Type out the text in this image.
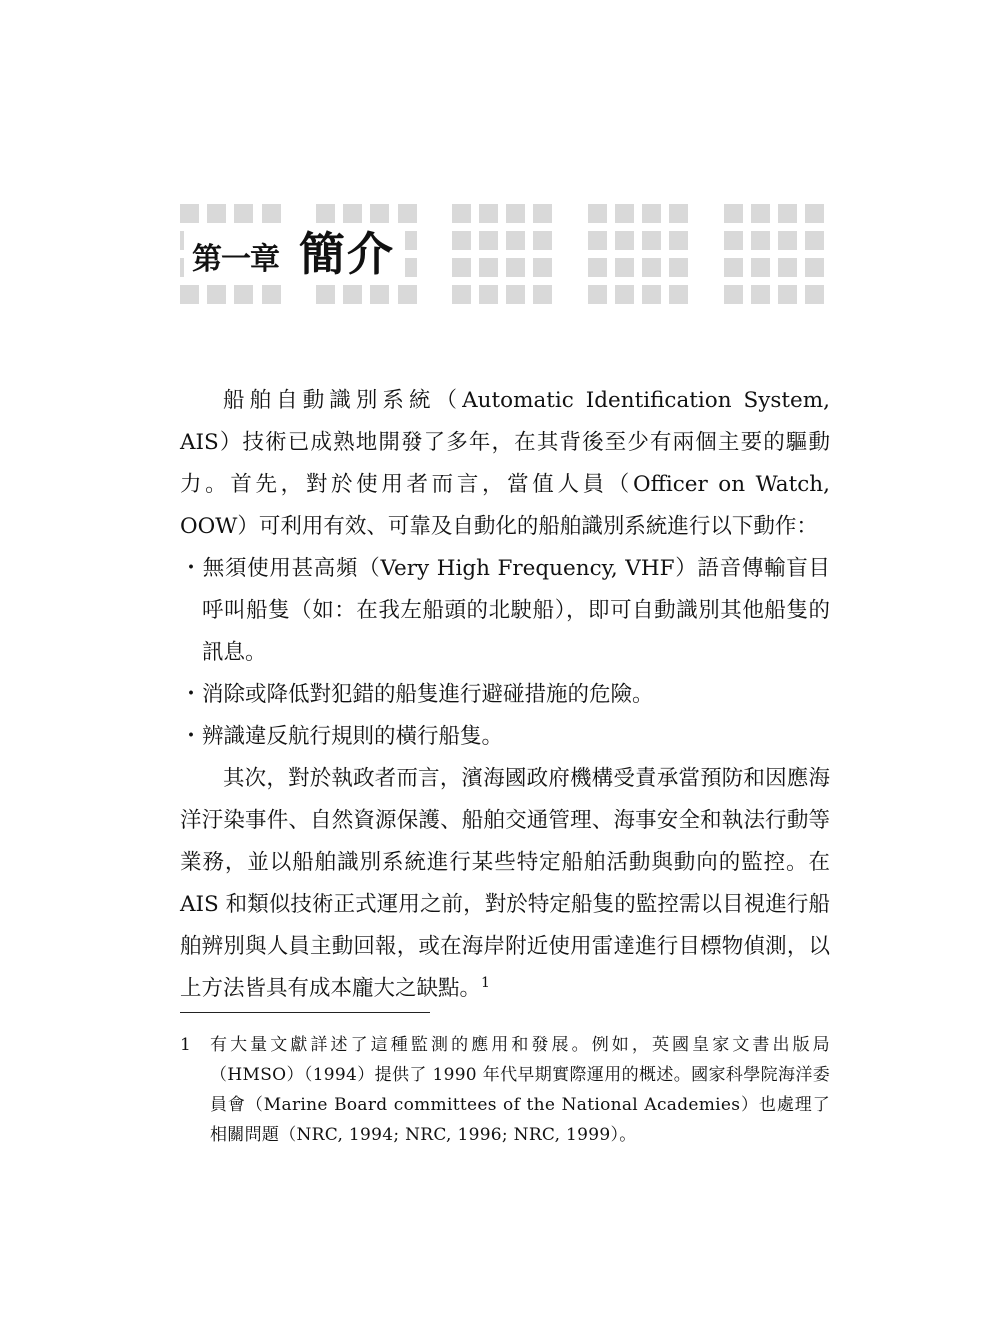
第一章 簡介

船舶自動識別系統（Automatic Identification System, AIS）技術已成熟地開發了多年，在其背後至少有兩個主要的驅動力。首先，對於使用者而言，當值人員（Officer on Watch, OOW）可利用有效、可靠及自動化的船舶識別系統進行以下動作：

・無須使用甚高頻（Very High Frequency, VHF）語音傳輸盲目呼叫船隻（如：在我左船頭的北駛船），即可自動識別其他船隻的訊息。
・消除或降低對犯錯的船隻進行避碰措施的危險。
・辨識違反航行規則的橫行船隻。

其次，對於執政者而言，濱海國政府機構受責承當預防和因應海洋汙染事件、自然資源保護、船舶交通管理、海事安全和執法行動等業務，並以船舶識別系統進行某些特定船舶活動與動向的監控。在AIS 和類似技術正式運用之前，對於特定船隻的監控需以目視進行船舶辨別與人員主動回報，或在海岸附近使用雷達進行目標物偵測，以上方法皆具有成本龐大之缺點。$^1$

1	有大量文獻詳述了這種監測的應用和發展。例如，英國皇家文書出版局（HMSO）（1994）提供了 1990 年代早期實際運用的概述。國家科學院海洋委員會（Marine Board committees of the National Academies）也處理了相關問題（NRC, 1994; NRC, 1996; NRC, 1999）。
